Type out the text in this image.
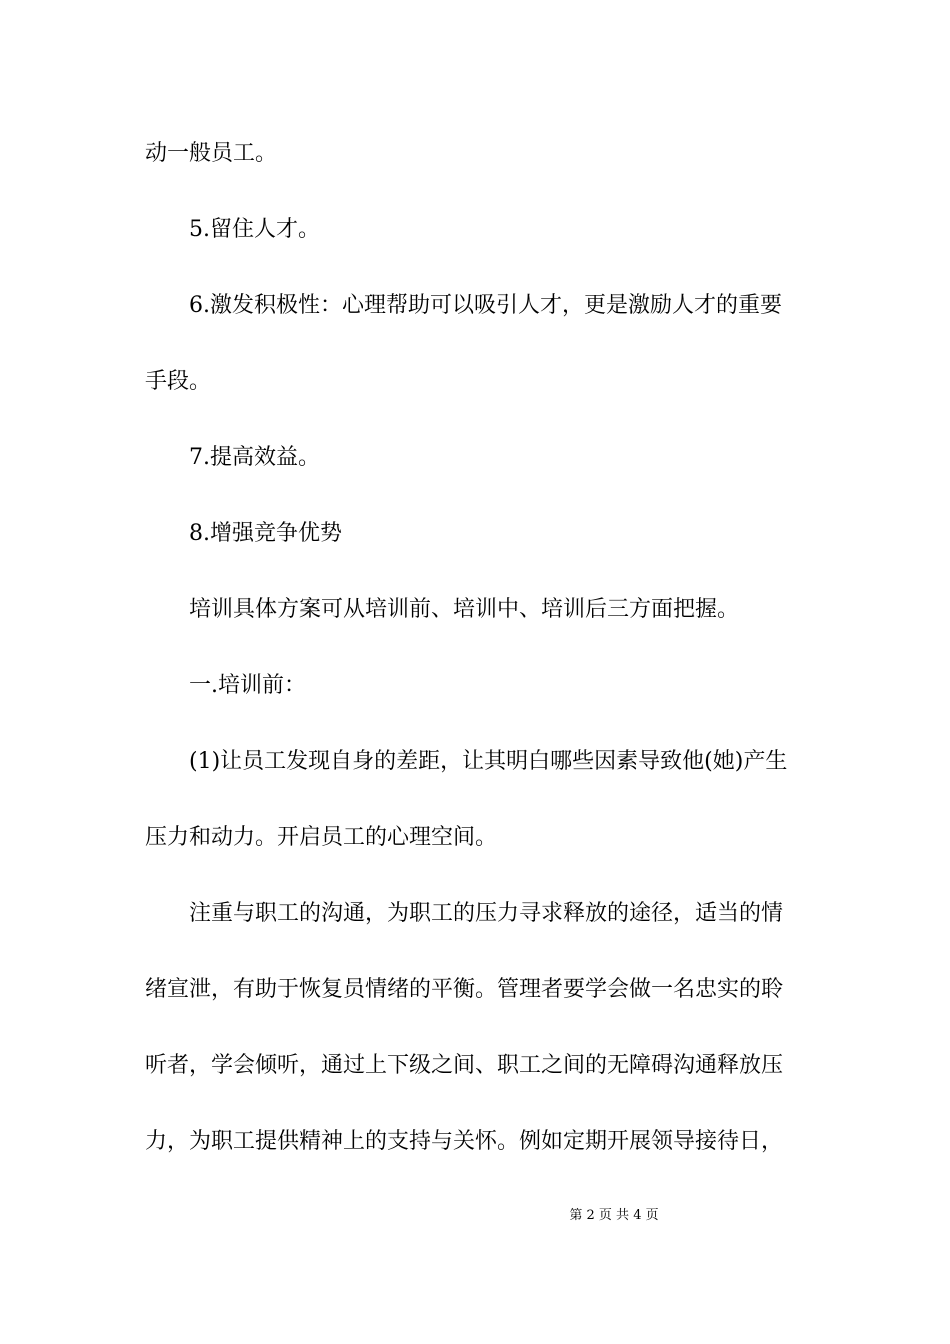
动一般员工。
5.留住人才。
6.激发积极性：心理帮助可以吸引人才，更是激励人才的重要
手段。
7.提高效益。
8.增强竞争优势
培训具体方案可从培训前、培训中、培训后三方面把握。
一.培训前：
(1)让员工发现自身的差距，让其明白哪些因素导致他(她)产生
压力和动力。开启员工的心理空间。
注重与职工的沟通，为职工的压力寻求释放的途径，适当的情
绪宣泄，有助于恢复员情绪的平衡。管理者要学会做一名忠实的聆
听者，学会倾听，通过上下级之间、职工之间的无障碍沟通释放压
力，为职工提供精神上的支持与关怀。例如定期开展领导接待日，
第 2 页 共 4 页
